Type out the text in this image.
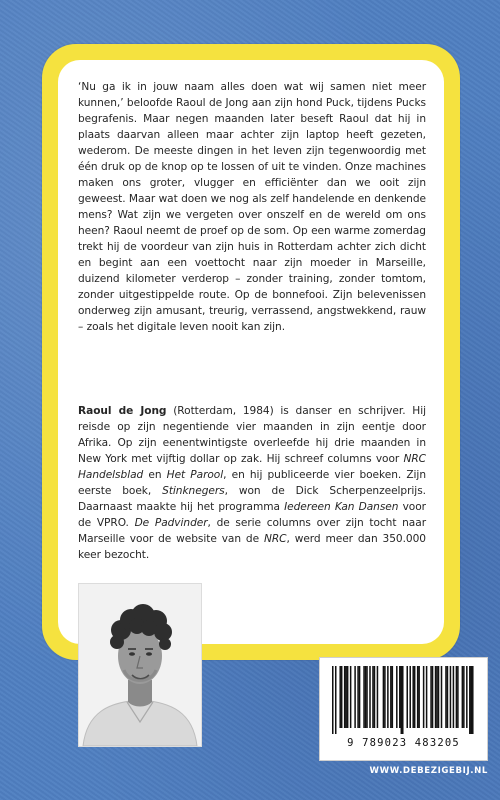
‘Nu ga ik in jouw naam alles doen wat wij samen niet meer kunnen,’ beloofde Raoul de Jong aan zijn hond Puck, tijdens Pucks begrafenis. Maar negen maanden later beseft Raoul dat hij in plaats daarvan alleen maar achter zijn laptop heeft gezeten, wederom. De meeste dingen in het leven zijn tegenwoordig met één druk op de knop op te lossen of uit te vinden. Onze machines maken ons groter, vlugger en efficiënter dan we ooit zijn geweest. Maar wat doen we nog als zelf handelende en denkende mens? Wat zijn we vergeten over onszelf en de wereld om ons heen? Raoul neemt de proef op de som. Op een warme zomerdag trekt hij de voordeur van zijn huis in Rotterdam achter zich dicht en begint aan een voettocht naar zijn moeder in Marseille, duizend kilometer verderop – zonder training, zonder tomtom, zonder uitgestippelde route. Op de bonnefooi. Zijn belevenissen onderweg zijn amusant, treurig, verrassend, angstwekkend, rauw – zoals het digitale leven nooit kan zijn.

Raoul de Jong (Rotterdam, 1984) is danser en schrijver. Hij reisde op zijn negentiende vier maanden in zijn eentje door Afrika. Op zijn eenentwintigste overleefde hij drie maanden in New York met vijftig dollar op zak. Hij schreef columns voor NRC Handelsblad en Het Parool, en hij publiceerde vier boeken. Zijn eerste boek, Stinknegers, won de Dick Scherpenzeelprijs. Daarnaast maakte hij het programma Iedereen Kan Dansen voor de VPRO. De Padvinder, de serie columns over zijn tocht naar Marseille voor de website van de NRC, werd meer dan 350.000 keer bezocht.

9 789023 483205
WWW.DEBEZIGEBIJ.NL
